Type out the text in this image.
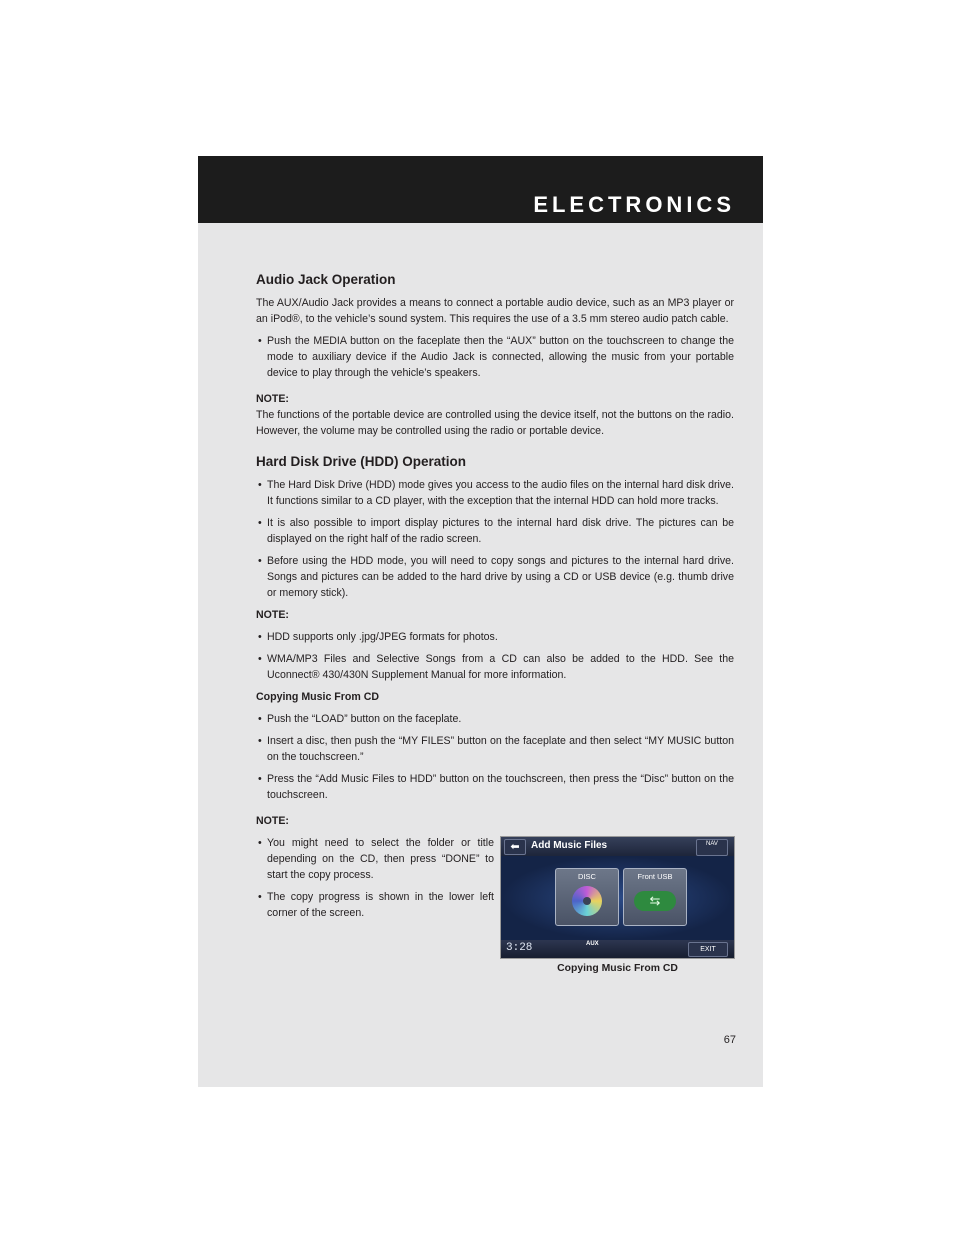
ELECTRONICS
Audio Jack Operation

The AUX/Audio Jack provides a means to connect a portable audio device, such as an MP3 player or an iPod®, to the vehicle’s sound system. This requires the use of a 3.5 mm stereo audio patch cable.

• Push the MEDIA button on the faceplate then the “AUX” button on the touchscreen to change the mode to auxiliary device if the Audio Jack is connected, allowing the music from your portable device to play through the vehicle’s speakers.

NOTE:

The functions of the portable device are controlled using the device itself, not the buttons on the radio. However, the volume may be controlled using the radio or portable device.

Hard Disk Drive (HDD) Operation
• The Hard Disk Drive (HDD) mode gives you access to the audio files on the internal hard disk drive. It functions similar to a CD player, with the exception that the internal HDD can hold more tracks.
• It is also possible to import display pictures to the internal hard disk drive. The pictures can be displayed on the right half of the radio screen.
• Before using the HDD mode, you will need to copy songs and pictures to the internal hard drive. Songs and pictures can be added to the hard drive by using a CD or USB device (e.g. thumb drive or memory stick).

NOTE:

• HDD supports only .jpg/JPEG formats for photos.
• WMA/MP3 Files and Selective Songs from a CD can also be added to the HDD. See the Uconnect® 430/430N Supplement Manual for more information.

Copying Music From CD

• Push the “LOAD” button on the faceplate.
• Insert a disc, then push the “MY FILES” button on the faceplate and then select “MY MUSIC button on the touchscreen.”
• Press the “Add Music Files to HDD” button on the touchscreen, then press the “Disc” button on the touchscreen.

NOTE:

• You might need to select the folder or title depending on the CD, then press “DONE” to start the copy process.
• The copy progress is shown in the lower left corner of the screen.
⬅	Add Music Files	NAV
DISC	Front USB
⇆
3:28	AUX
EXIT
Copying Music From CD
67
